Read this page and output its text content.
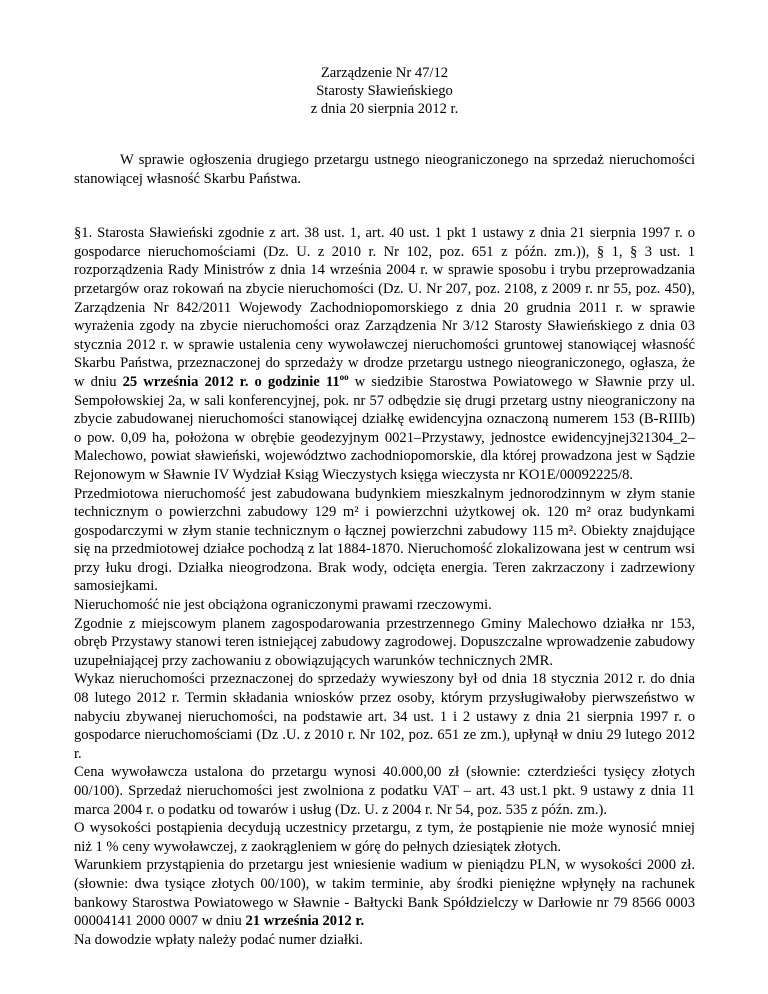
Zarządzenie Nr 47/12
Starosty Sławieńskiego
z dnia 20 sierpnia 2012 r.
W sprawie ogłoszenia drugiego przetargu ustnego nieograniczonego na sprzedaż nieruchomości stanowiącej własność Skarbu Państwa.

§1. Starosta Sławieński zgodnie z art. 38 ust. 1, art. 40 ust. 1 pkt 1 ustawy z dnia 21 sierpnia 1997 r. o gospodarce nieruchomościami (Dz. U. z 2010 r. Nr 102, poz. 651 z późn. zm.)), § 1, § 3 ust. 1 rozporządzenia Rady Ministrów z dnia 14 września 2004 r. w sprawie sposobu i trybu przeprowadzania przetargów oraz rokowań na zbycie nieruchomości (Dz. U. Nr 207, poz. 2108, z 2009 r. nr 55, poz. 450), Zarządzenia Nr 842/2011 Wojewody Zachodniopomorskiego z dnia 20 grudnia 2011 r. w sprawie wyrażenia zgody na zbycie nieruchomości oraz Zarządzenia Nr 3/12 Starosty Sławieńskiego z dnia 03 stycznia 2012 r. w sprawie ustalenia ceny wywoławczej nieruchomości gruntowej stanowiącej własność Skarbu Państwa, przeznaczonej do sprzedaży w drodze przetargu ustnego nieograniczonego, ogłasza, że w dniu 25 września 2012 r. o godzinie $11^{oo}$ w siedzibie Starostwa Powiatowego w Sławnie przy ul. Sempołowskiej 2a, w sali konferencyjnej, pok. nr 57 odbędzie się drugi przetarg ustny nieograniczony na zbycie zabudowanej nieruchomości stanowiącej działkę ewidencyjna oznaczoną numerem 153 (B-RIIIb) o pow. 0,09 ha, położona w obrębie geodezyjnym 0021–Przystawy, jednostce ewidencyjnej321304_2–Malechowo, powiat sławieński, województwo zachodniopomorskie, dla której prowadzona jest w Sądzie Rejonowym w Sławnie IV Wydział Ksiąg Wieczystych księga wieczysta nr KO1E/00092225/8.

Przedmiotowa nieruchomość jest zabudowana budynkiem mieszkalnym jednorodzinnym w złym stanie technicznym o powierzchni zabudowy 129 m² i powierzchni użytkowej ok. 120 m² oraz budynkami gospodarczymi w złym stanie technicznym o łącznej powierzchni zabudowy 115 m². Obiekty znajdujące się na przedmiotowej działce pochodzą z lat 1884-1870. Nieruchomość zlokalizowana jest w centrum wsi przy łuku drogi. Działka nieogrodzona. Brak wody, odcięta energia. Teren zakrzaczony i zadrzewiony samosiejkami.

Nieruchomość nie jest obciążona ograniczonymi prawami rzeczowymi.

Zgodnie z miejscowym planem zagospodarowania przestrzennego Gminy Malechowo działka nr 153, obręb Przystawy stanowi teren istniejącej zabudowy zagrodowej. Dopuszczalne wprowadzenie zabudowy uzupełniającej przy zachowaniu z obowiązujących warunków technicznych 2MR.

Wykaz nieruchomości przeznaczonej do sprzedaży wywieszony był od dnia 18 stycznia 2012 r. do dnia 08 lutego 2012 r. Termin składania wniosków przez osoby, którym przysługiwałoby pierwszeństwo w nabyciu zbywanej nieruchomości, na podstawie art. 34 ust. 1 i 2 ustawy z dnia 21 sierpnia 1997 r. o gospodarce nieruchomościami (Dz .U. z 2010 r. Nr 102, poz. 651 ze zm.), upłynął w dniu 29 lutego 2012 r.

Cena wywoławcza ustalona do przetargu wynosi 40.000,00 zł (słownie: czterdzieści tysięcy złotych 00/100). Sprzedaż nieruchomości jest zwolniona z podatku VAT – art. 43 ust.1 pkt. 9 ustawy z dnia 11 marca 2004 r. o podatku od towarów i usług (Dz. U. z 2004 r. Nr 54, poz. 535 z późn. zm.).

O wysokości postąpienia decydują uczestnicy przetargu, z tym, że postąpienie nie może wynosić mniej niż 1 % ceny wywoławczej, z zaokrągleniem w górę do pełnych dziesiątek złotych.

Warunkiem przystąpienia do przetargu jest wniesienie wadium w pieniądzu PLN, w wysokości 2000 zł. (słownie: dwa tysiące złotych 00/100), w takim terminie, aby środki pieniężne wpłynęły na rachunek bankowy Starostwa Powiatowego w Sławnie - Bałtycki Bank Spółdzielczy w Darłowie nr 79 8566 0003 00004141 2000 0007 w dniu 21 września 2012 r.

Na dowodzie wpłaty należy podać numer działki.
